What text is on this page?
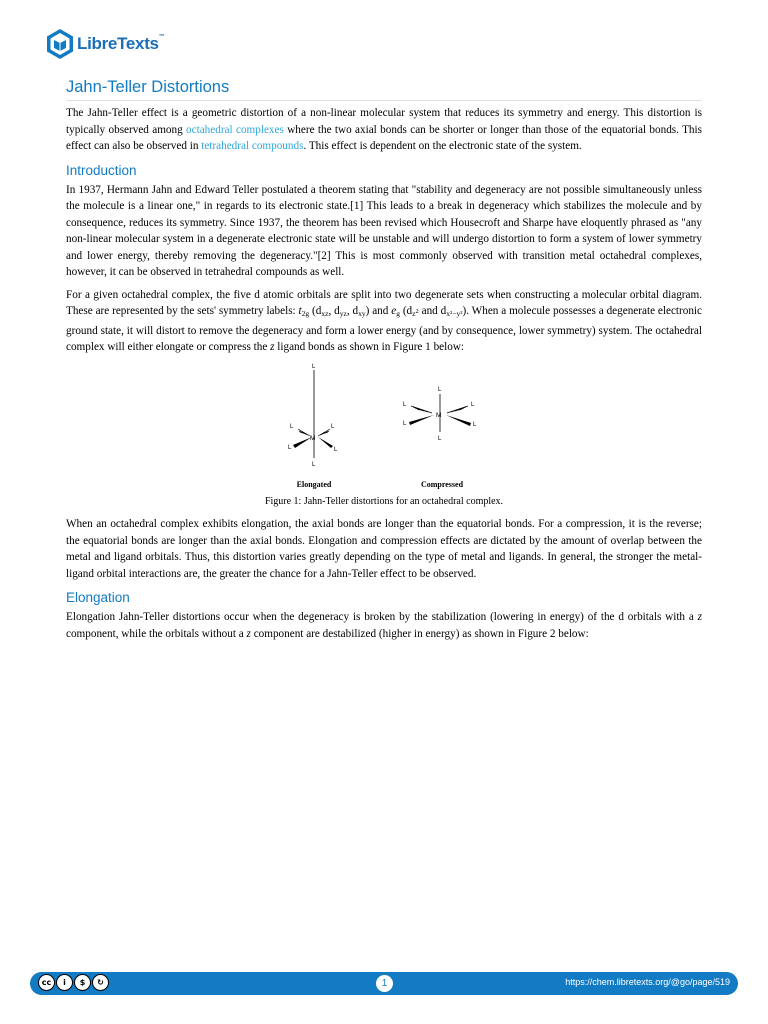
LibreTexts™
Jahn-Teller Distortions

The Jahn-Teller effect is a geometric distortion of a non-linear molecular system that reduces its symmetry and energy. This distortion is typically observed among octahedral complexes where the two axial bonds can be shorter or longer than those of the equatorial bonds. This effect can also be observed in tetrahedral compounds. This effect is dependent on the electronic state of the system.

Introduction

In 1937, Hermann Jahn and Edward Teller postulated a theorem stating that "stability and degeneracy are not possible simultaneously unless the molecule is a linear one," in regards to its electronic state.[1] This leads to a break in degeneracy which stabilizes the molecule and by consequence, reduces its symmetry. Since 1937, the theorem has been revised which Housecroft and Sharpe have eloquently phrased as "any non-linear molecular system in a degenerate electronic state will be unstable and will undergo distortion to form a system of lower symmetry and lower energy, thereby removing the degeneracy."[2] This is most commonly observed with transition metal octahedral complexes, however, it can be observed in tetrahedral compounds as well.

For a given octahedral complex, the five d atomic orbitals are split into two degenerate sets when constructing a molecular orbital diagram. These are represented by the sets' symmetry labels: $t_{2g}$ ($d_{xz}$, $d_{yz}$, $d_{xy}$) and $e_g$ ($d_{z2}$ and $d_{x^2-y^2}$). When a molecule possesses a degenerate electronic ground state, it will distort to remove the degeneracy and form a lower energy (and by consequence, lower symmetry) system. The octahedral complex will either elongate or compress the z ligand bonds as shown in Figure 1 below:

L
L
M
L	L
L	L
L
L
M
L	L
L	L
Elongated	Compressed

Figure 1: Jahn-Teller distortions for an octahedral complex.

When an octahedral complex exhibits elongation, the axial bonds are longer than the equatorial bonds. For a compression, it is the reverse; the equatorial bonds are longer than the axial bonds. Elongation and compression effects are dictated by the amount of overlap between the metal and ligand orbitals. Thus, this distortion varies greatly depending on the type of metal and ligands. In general, the stronger the metal-ligand orbital interactions are, the greater the chance for a Jahn-Teller effect to be observed.

Elongation

Elongation Jahn-Teller distortions occur when the degeneracy is broken by the stabilization (lowering in energy) of the d orbitals with a z component, while the orbitals without a z component are destabilized (higher in energy) as shown in Figure 2 below:

cc	i	$	↻	1	https://chem.libretexts.org/@go/page/519
